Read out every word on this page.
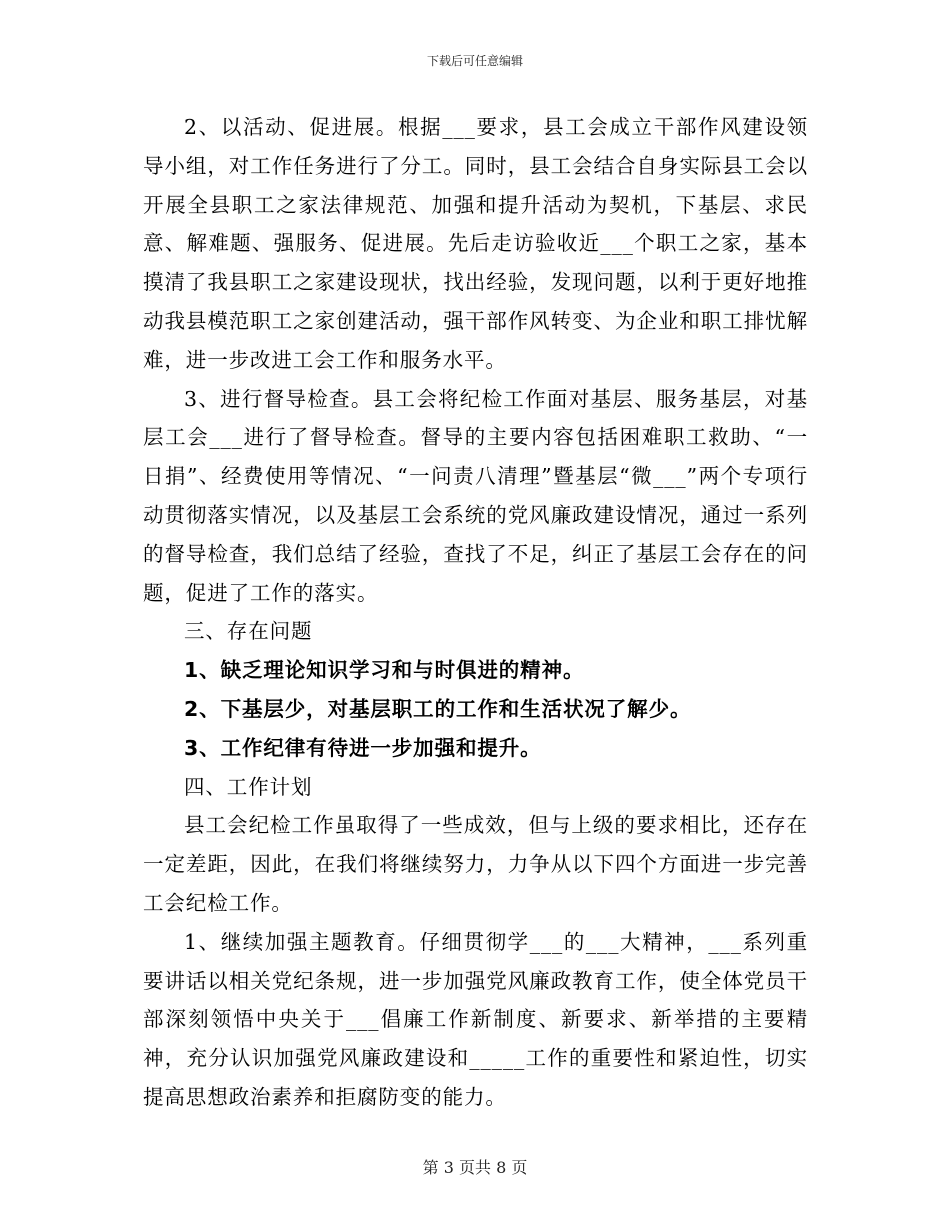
下载后可任意编辑

2、以活动、促进展。根据___要求，县工会成立干部作风建设领导小组，对工作任务进行了分工。同时，县工会结合自身实际县工会以开展全县职工之家法律规范、加强和提升活动为契机，下基层、求民意、解难题、强服务、促进展。先后走访验收近___个职工之家，基本摸清了我县职工之家建设现状，找出经验，发现问题，以利于更好地推动我县模范职工之家创建活动，强干部作风转变、为企业和职工排忧解难，进一步改进工会工作和服务水平。

3、进行督导检查。县工会将纪检工作面对基层、服务基层，对基层工会___进行了督导检查。督导的主要内容包括困难职工救助、“一日捐”、经费使用等情况、“一问责八清理”暨基层“微___”两个专项行动贯彻落实情况，以及基层工会系统的党风廉政建设情况，通过一系列的督导检查，我们总结了经验，查找了不足，纠正了基层工会存在的问题，促进了工作的落实。

三、存在问题

1、缺乏理论知识学习和与时俱进的精神。

2、下基层少，对基层职工的工作和生活状况了解少。

3、工作纪律有待进一步加强和提升。

四、工作计划

县工会纪检工作虽取得了一些成效，但与上级的要求相比，还存在一定差距，因此，在我们将继续努力，力争从以下四个方面进一步完善工会纪检工作。

1、继续加强主题教育。仔细贯彻学___的___大精神，___系列重要讲话以相关党纪条规，进一步加强党风廉政教育工作，使全体党员干部深刻领悟中央关于___倡廉工作新制度、新要求、新举措的主要精神，充分认识加强党风廉政建设和_____工作的重要性和紧迫性，切实提高思想政治素养和拒腐防变的能力。

第 3 页共 8 页
